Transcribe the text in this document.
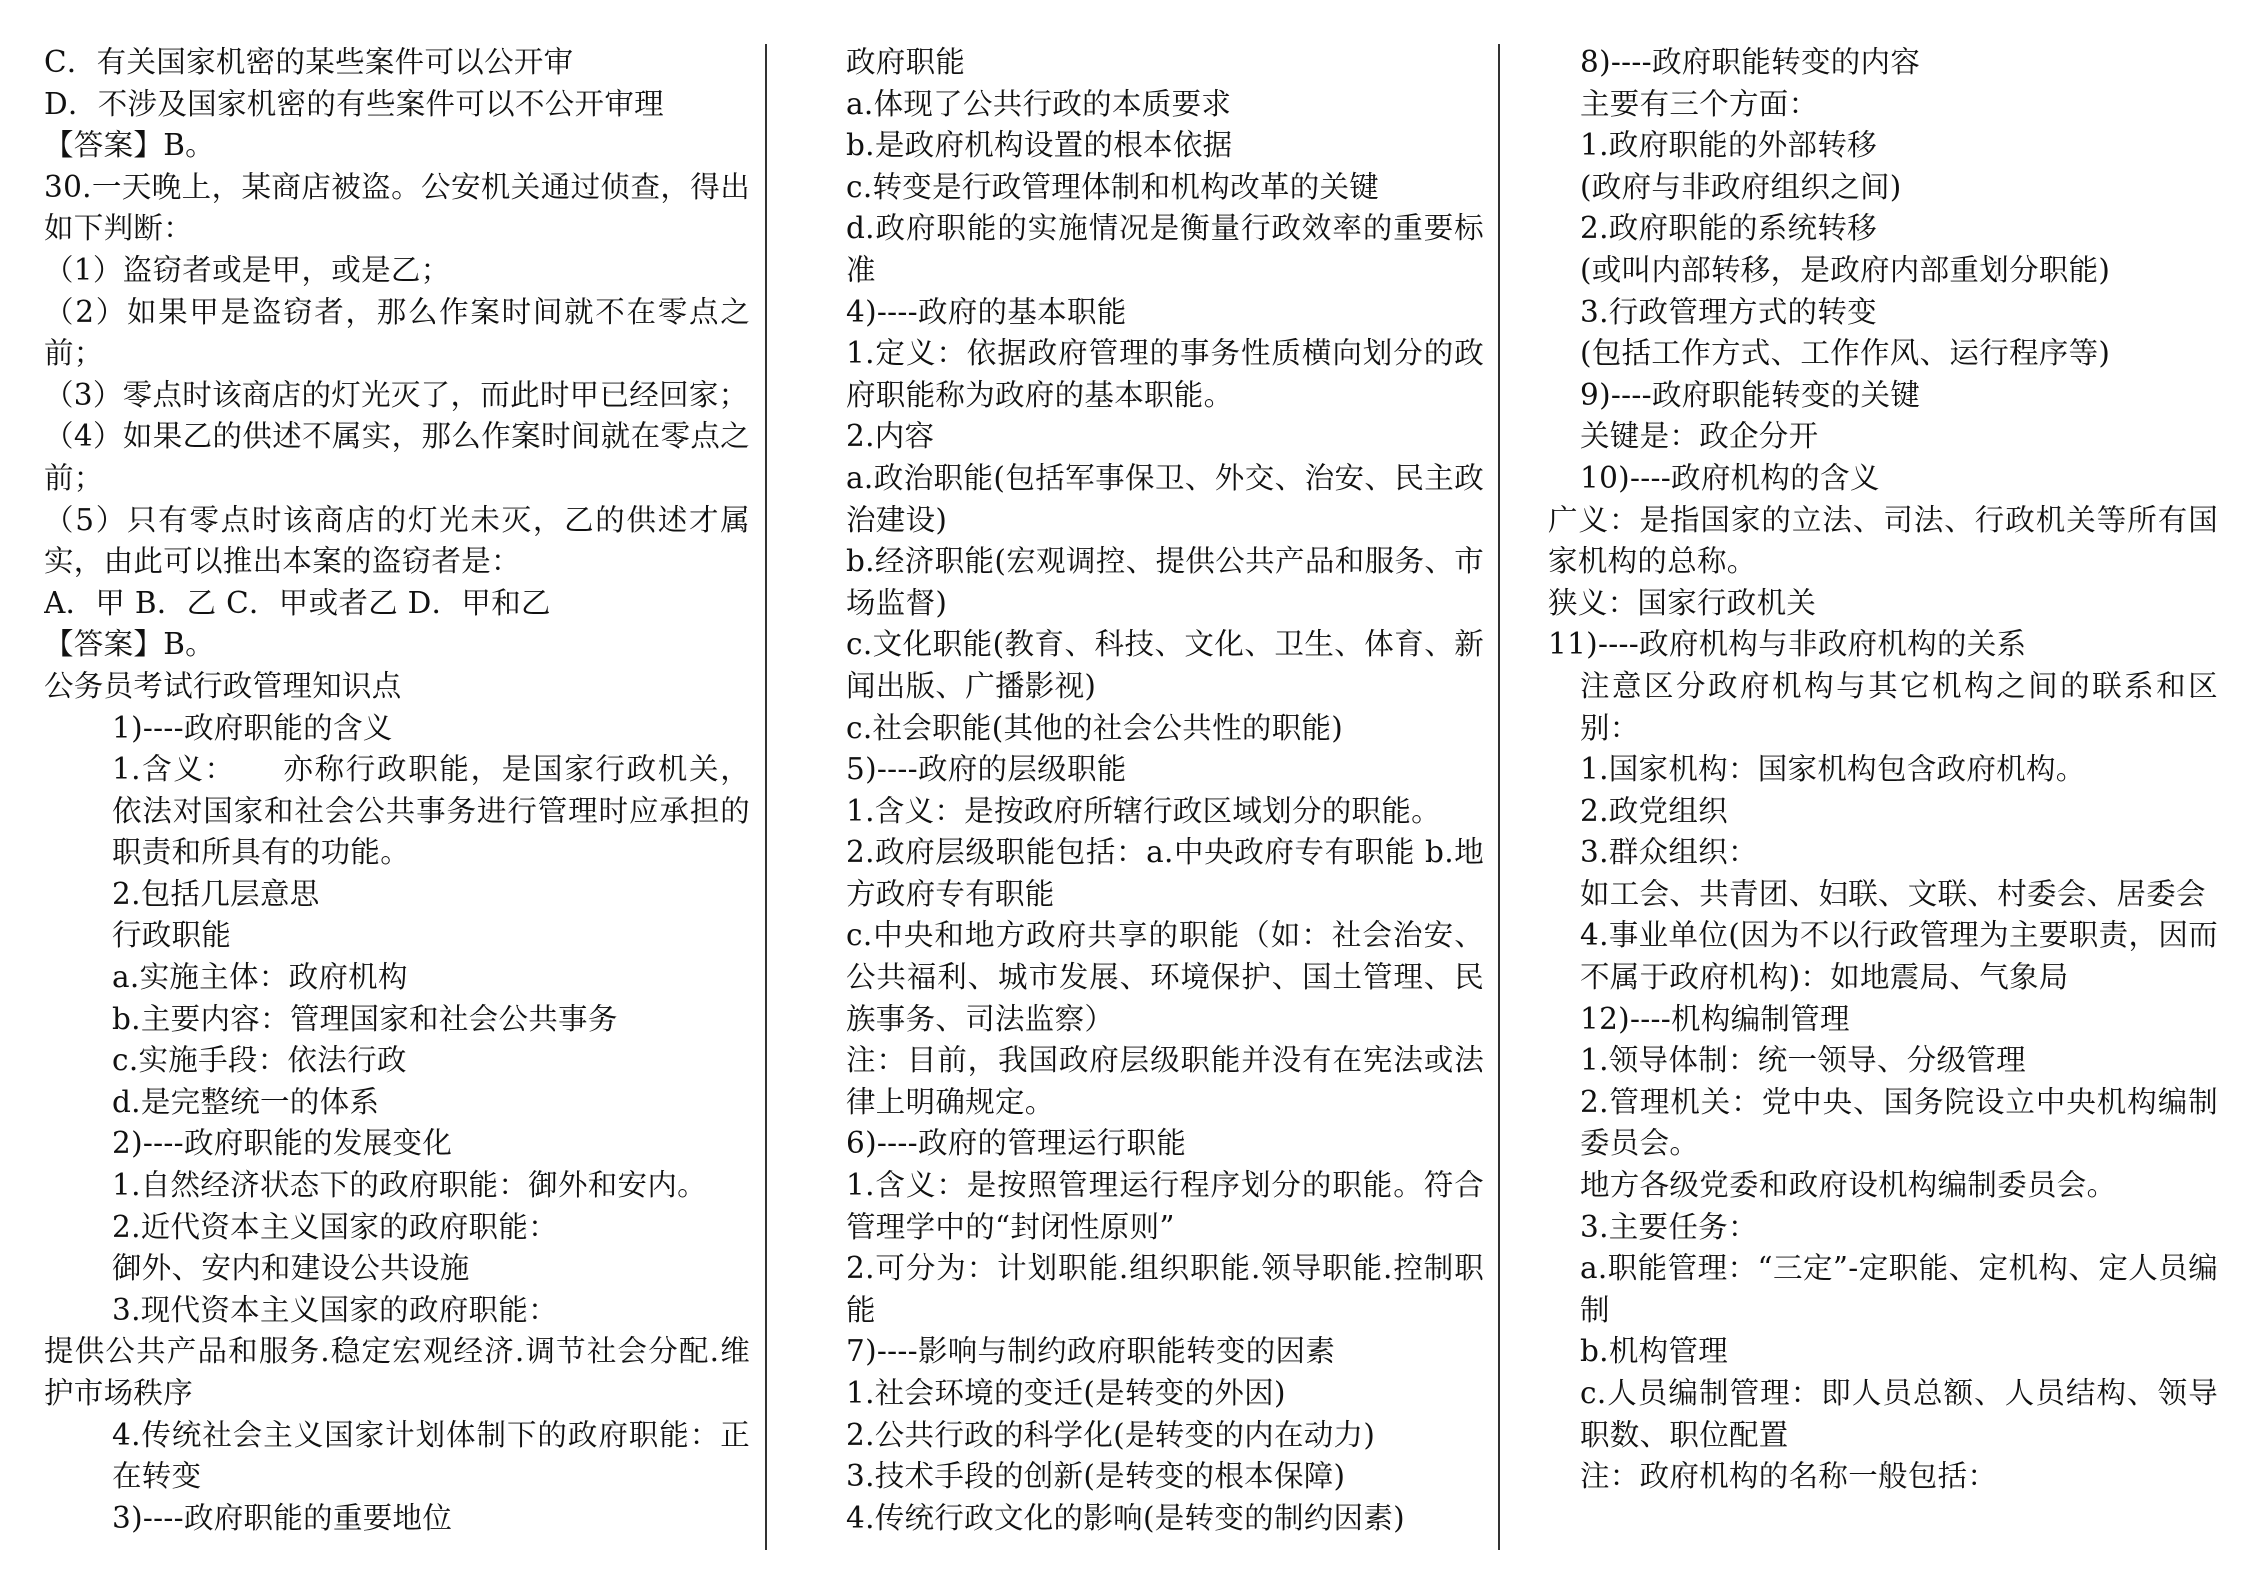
C．有关国家机密的某些案件可以公开审
D．不涉及国家机密的有些案件可以不公开审理
【答案】B。
30.一天晚上，某商店被盗。公安机关通过侦查，得出如下判断：
（1）盗窃者或是甲，或是乙；
（2）如果甲是盗窃者，那么作案时间就不在零点之前；
（3）零点时该商店的灯光灭了，而此时甲已经回家；
（4）如果乙的供述不属实，那么作案时间就在零点之前；
（5）只有零点时该商店的灯光未灭，乙的供述才属实，由此可以推出本案的盗窃者是：
A．甲 B．乙 C．甲或者乙 D．甲和乙
【答案】B。
公务员考试行政管理知识点
1)----政府职能的含义
1.含义：　　亦称行政职能，是国家行政机关，依法对国家和社会公共事务进行管理时应承担的职责和所具有的功能。
2.包括几层意思
行政职能
a.实施主体：政府机构
b.主要内容：管理国家和社会公共事务
c.实施手段：依法行政
d.是完整统一的体系
2)----政府职能的发展变化
1.自然经济状态下的政府职能：御外和安内。
2.近代资本主义国家的政府职能：
御外、安内和建设公共设施
3.现代资本主义国家的政府职能：
提供公共产品和服务.稳定宏观经济.调节社会分配.维护市场秩序
4.传统社会主义国家计划体制下的政府职能：正在转变
3)----政府职能的重要地位
政府职能
a.体现了公共行政的本质要求
b.是政府机构设置的根本依据
c.转变是行政管理体制和机构改革的关键
d.政府职能的实施情况是衡量行政效率的重要标准
4)----政府的基本职能
1.定义：依据政府管理的事务性质横向划分的政府职能称为政府的基本职能。
2.内容
a.政治职能(包括军事保卫、外交、治安、民主政治建设)
b.经济职能(宏观调控、提供公共产品和服务、市场监督)
c.文化职能(教育、科技、文化、卫生、体育、新闻出版、广播影视)
c.社会职能(其他的社会公共性的职能)
5)----政府的层级职能
1.含义：是按政府所辖行政区域划分的职能。
2.政府层级职能包括：a.中央政府专有职能 b.地方政府专有职能
c.中央和地方政府共享的职能（如：社会治安、公共福利、城市发展、环境保护、国土管理、民族事务、司法监察）
注：目前，我国政府层级职能并没有在宪法或法律上明确规定。
6)----政府的管理运行职能
1.含义：是按照管理运行程序划分的职能。符合管理学中的“封闭性原则”
2.可分为：计划职能.组织职能.领导职能.控制职能
7)----影响与制约政府职能转变的因素
1.社会环境的变迁(是转变的外因)
2.公共行政的科学化(是转变的内在动力)
3.技术手段的创新(是转变的根本保障)
4.传统行政文化的影响(是转变的制约因素)
8)----政府职能转变的内容
主要有三个方面：
1.政府职能的外部转移
(政府与非政府组织之间)
2.政府职能的系统转移
(或叫内部转移，是政府内部重划分职能)
3.行政管理方式的转变
(包括工作方式、工作作风、运行程序等)
9)----政府职能转变的关键
关键是：政企分开
10)----政府机构的含义
广义：是指国家的立法、司法、行政机关等所有国家机构的总称。
狭义：国家行政机关
11)----政府机构与非政府机构的关系
注意区分政府机构与其它机构之间的联系和区别：
1.国家机构：国家机构包含政府机构。
2.政党组织
3.群众组织：
如工会、共青团、妇联、文联、村委会、居委会
4.事业单位(因为不以行政管理为主要职责，因而不属于政府机构)：如地震局、气象局
12)----机构编制管理
1.领导体制：统一领导、分级管理
2.管理机关：党中央、国务院设立中央机构编制委员会。
地方各级党委和政府设机构编制委员会。
3.主要任务：
a.职能管理：“三定”-定职能、定机构、定人员编制
b.机构管理
c.人员编制管理：即人员总额、人员结构、领导职数、职位配置
注：政府机构的名称一般包括：
